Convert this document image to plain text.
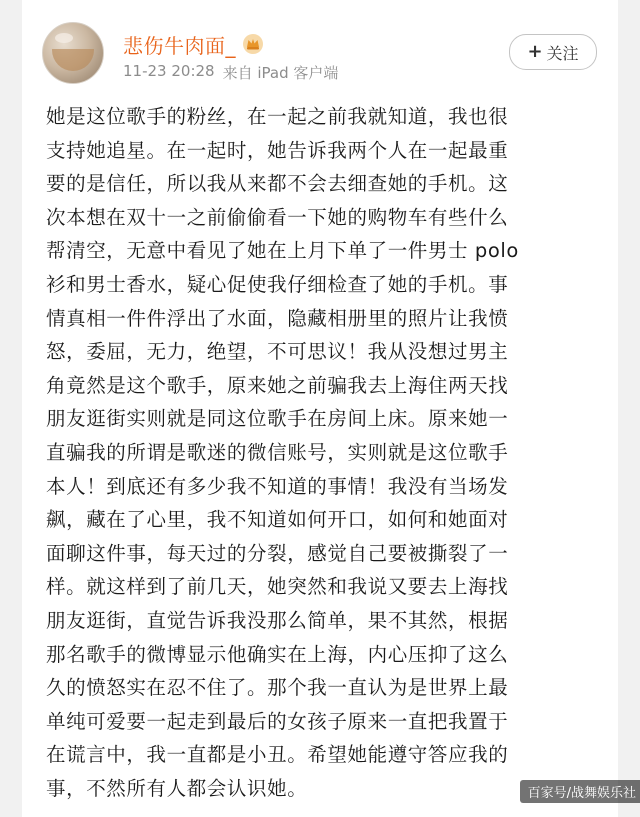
悲伤牛肉面_
11-23 20:28 来自 iPad 客户端
+ 关注
她是这位歌手的粉丝，在一起之前我就知道，我也很
支持她追星。在一起时，她告诉我两个人在一起最重
要的是信任，所以我从来都不会去细查她的手机。这
次本想在双十一之前偷偷看一下她的购物车有些什么
帮清空，无意中看见了她在上月下单了一件男士 polo
衫和男士香水，疑心促使我仔细检查了她的手机。事
情真相一件件浮出了水面，隐藏相册里的照片让我愤
怒，委屈，无力，绝望，不可思议！我从没想过男主
角竟然是这个歌手，原来她之前骗我去上海住两天找
朋友逛街实则就是同这位歌手在房间上床。原来她一
直骗我的所谓是歌迷的微信账号，实则就是这位歌手
本人！到底还有多少我不知道的事情！我没有当场发
飙，藏在了心里，我不知道如何开口，如何和她面对
面聊这件事，每天过的分裂，感觉自己要被撕裂了一
样。就这样到了前几天，她突然和我说又要去上海找
朋友逛街，直觉告诉我没那么简单，果不其然，根据
那名歌手的微博显示他确实在上海，内心压抑了这么
久的愤怒实在忍不住了。那个我一直认为是世界上最
单纯可爱要一起走到最后的女孩子原来一直把我置于
在谎言中，我一直都是小丑。希望她能遵守答应我的
事，不然所有人都会认识她。	百家号/战舞娱乐社
